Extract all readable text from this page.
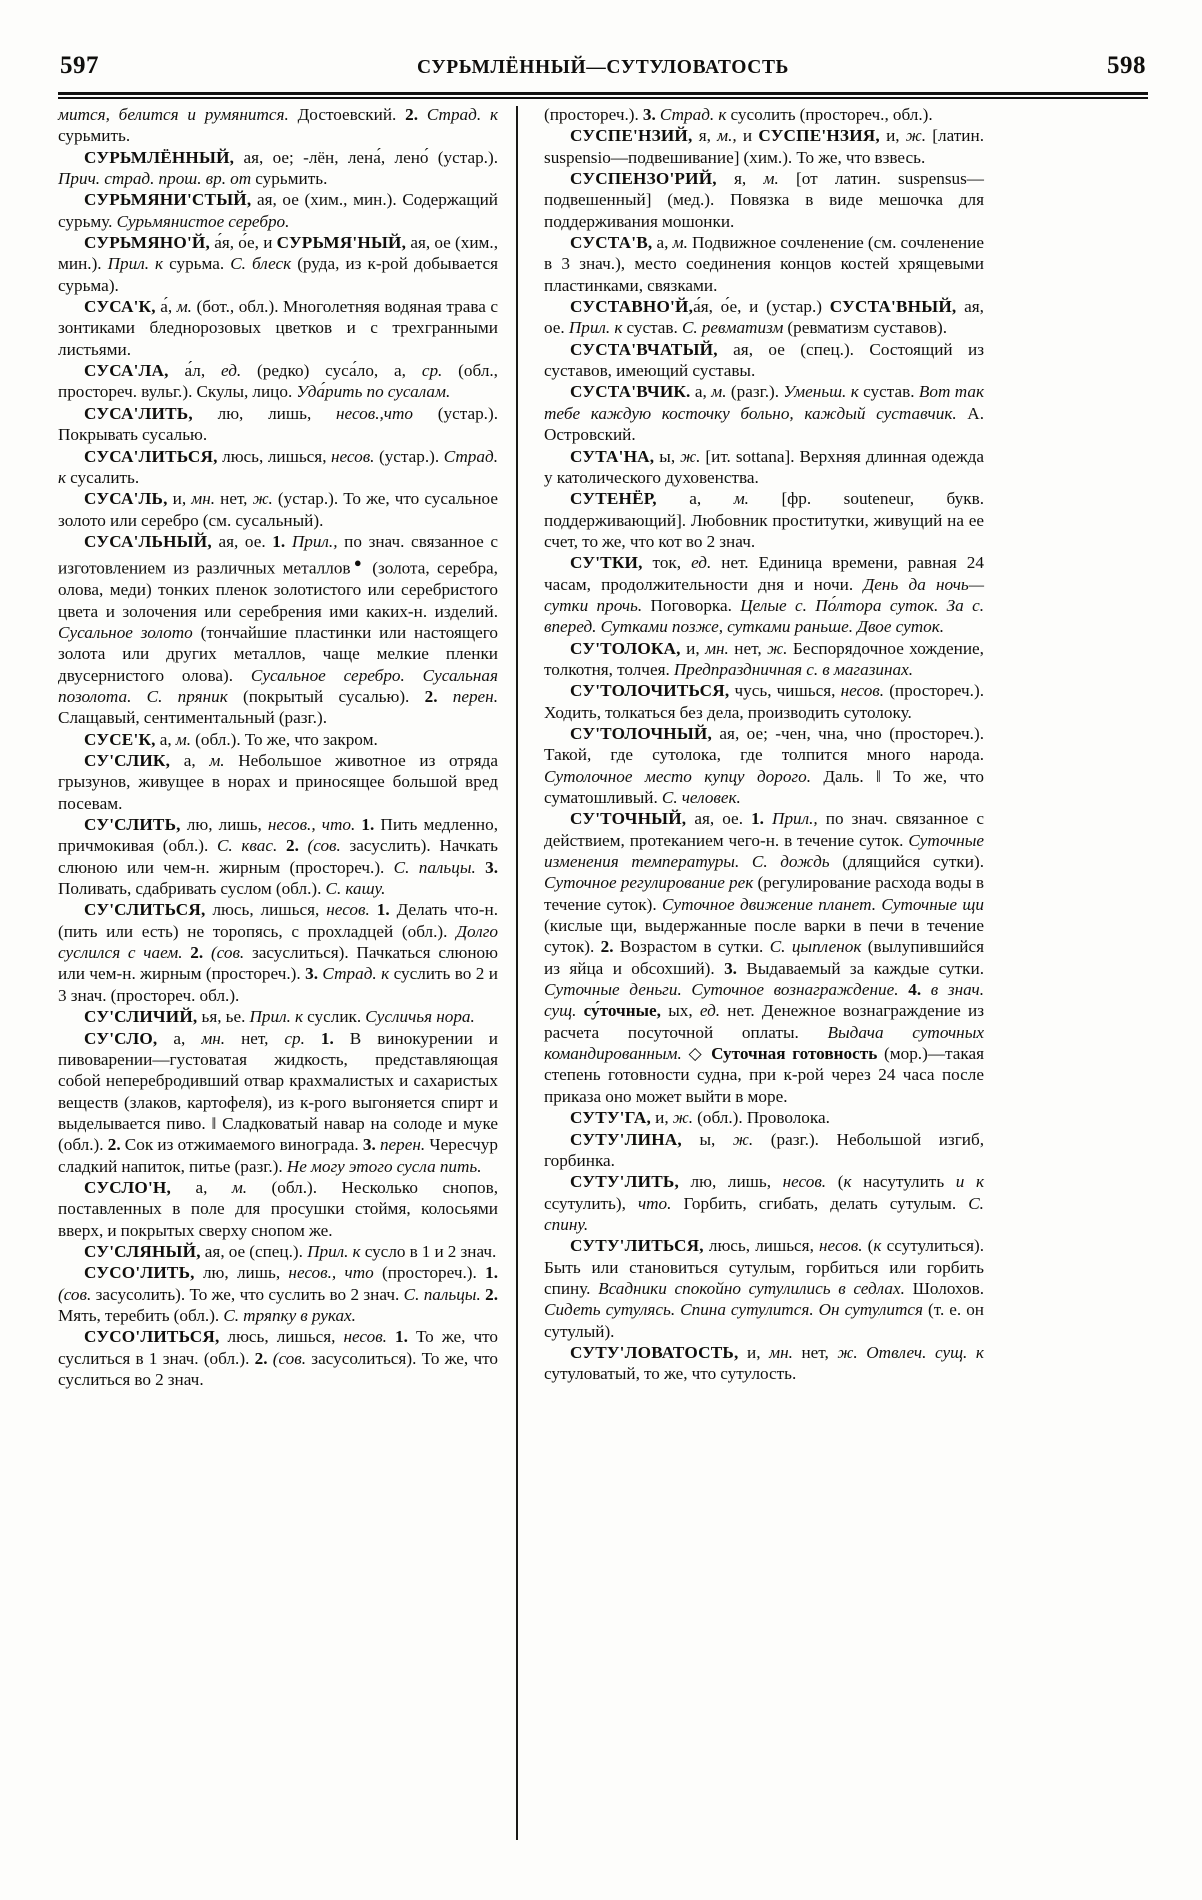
597	СУРЬМЛЁННЫЙ—СУТУЛОВАТОСТЬ	598

мится, белится и румянится. Достоевский. 2. Страд. к сурьмить.

СУРЬМЛЁННЫЙ, ая, ое; -лён, лена́, лено́ (устар.). Прич. страд. прош. вр. от сурьмить.

СУРЬМЯНИ'СТЫЙ, ая, ое (хим., мин.). Содержащий сурьму. Сурьмянистое серебро.

СУРЬМЯНО'Й, а́я, о́е, и СУРЬМЯ'НЫЙ, ая, ое (хим., мин.). Прил. к сурьма. С. блеск (руда, из к-рой добывается сурьма).

СУСА'К, а́, м. (бот., обл.). Многолетняя водяная трава с зонтиками бледнорозовых цветков и с трехгранными листьями.

СУСА'ЛА, а́л, ед. (редко) суса́ло, а, ср. (обл., простореч. вульг.). Скулы, лицо. Уда́рить по сусалам.

СУСА'ЛИТЬ, лю, лишь, несов.,что (устар.). Покрывать сусалью.

СУСА'ЛИТЬСЯ, люсь, лишься, несов. (устар.). Страд. к сусалить.

СУСА'ЛЬ, и, мн. нет, ж. (устар.). То же, что сусальное золото или серебро (см. сусальный).

СУСА'ЛЬНЫЙ, ая, ое. 1. Прил., по знач. связанное с изготовлением из различных металлов● (золота, серебра, олова, меди) тонких пленок золотистого или серебристого цвета и золочения или серебрения ими каких-н. изделий. Сусальное золото (тончайшие пластинки или настоящего золота или других металлов, чаще мелкие пленки двусернистого олова). Сусальное серебро. Сусальная позолота. С. пряник (покрытый сусалью). 2. перен. Слащавый, сентиментальный (разг.).

СУСЕ'К, а, м. (обл.). То же, что закром.

СУ'СЛИК, а, м. Небольшое животное из отряда грызунов, живущее в норах и приносящее большой вред посевам.

СУ'СЛИТЬ, лю, лишь, несов., что. 1. Пить медленно, причмокивая (обл.). С. квас. 2. (сов. засуслить). Начкать слюною или чем-н. жирным (простореч.). С. пальцы. 3. Поливать, сдабривать суслом (обл.). С. кашу.

СУ'СЛИТЬСЯ, люсь, лишься, несов. 1. Делать что-н. (пить или есть) не торопясь, с прохладцей (обл.). Долго суслился с чаем. 2. (сов. засуслиться). Пачкаться слюною или чем-н. жирным (простореч.). 3. Страд. к суслить во 2 и 3 знач. (простореч. обл.).

СУ'СЛИЧИЙ, ья, ье. Прил. к суслик. Сусличья нора.

СУ'СЛО, а, мн. нет, ср. 1. В винокурении и пивоварении—густоватая жидкость, представляющая собой неперебродивший отвар крахмалистых и сахаристых веществ (злаков, картофеля), из к-рого выгоняется спирт и выделывается пиво. ‖ Сладковатый навар на солоде и муке (обл.). 2. Сок из отжимаемого винограда. 3. перен. Чересчур сладкий напиток, питье (разг.). Не могу этого сусла пить.

СУСЛО'Н, а, м. (обл.). Несколько снопов, поставленных в поле для просушки стоймя, колосьями вверх, и покрытых сверху снопом же.

СУ'СЛЯНЫЙ, ая, ое (спец.). Прил. к сусло в 1 и 2 знач.

СУСО'ЛИТЬ, лю, лишь, несов., что (простореч.). 1. (сов. засусолить). То же, что суслить во 2 знач. С. пальцы. 2. Мять, теребить (обл.). С. тряпку в руках.

СУСО'ЛИТЬСЯ, люсь, лишься, несов. 1. То же, что суслиться в 1 знач. (обл.). 2. (сов. засусолиться). То же, что суслиться во 2 знач.

(простореч.). 3. Страд. к сусолить (простореч., обл.).

СУСПЕ'НЗИЙ, я, м., и СУСПЕ'НЗИЯ, и, ж. [латин. suspensio—подвешивание] (хим.). То же, что взвесь.

СУСПЕНЗО'РИЙ, я, м. [от латин. suspensus—подвешенный] (мед.). Повязка в виде мешочка для поддерживания мошонки.

СУСТА'В, а, м. Подвижное сочленение (см. сочленение в 3 знач.), место соединения концов костей хрящевыми пластинками, связками.

СУСТАВНО'Й,а́я, о́е, и (устар.) СУСТА'ВНЫЙ, ая, ое. Прил. к сустав. С. ревматизм (ревматизм суставов).

СУСТА'ВЧАТЫЙ, ая, ое (спец.). Состоящий из суставов, имеющий суставы.

СУСТА'ВЧИК. а, м. (разг.). Уменьш. к сустав. Вот так тебе каждую косточку больно, каждый суставчик. А. Островский.

СУТА'НА, ы, ж. [ит. sottana]. Верхняя длинная одежда у католического духовенства.

СУТЕНЁР, а, м. [фр. souteneur, букв. поддерживающий]. Любовник проститутки, живущий на ее счет, то же, что кот во 2 знач.

СУ'ТКИ, ток, ед. нет. Единица времени, равная 24 часам, продолжительности дня и ночи. День да ночь—сутки прочь. Поговорка. Целые с. По́лтора суток. За с. вперед. Сутками позже, сутками раньше. Двое суток.

СУ'ТОЛОКА, и, мн. нет, ж. Беспорядочное хождение, толкотня, толчея. Предпраздничная с. в магазинах.

СУ'ТОЛОЧИТЬСЯ, чусь, чишься, несов. (простореч.). Ходить, толкаться без дела, производить сутолоку.

СУ'ТОЛОЧНЫЙ, ая, ое; -чен, чна, чно (простореч.). Такой, где сутолока, где толпится много народа. Сутолочное место купцу дорого. Даль. ‖ То же, что суматошливый. С. человек.

СУ'ТОЧНЫЙ, ая, ое. 1. Прил., по знач. связанное с действием, протеканием чего-н. в течение суток. Суточные изменения температуры. С. дождь (длящийся сутки). Суточное регулирование рек (регулирование расхода воды в течение суток). Суточное движение планет. Суточные щи (кислые щи, выдержанные после варки в печи в течение суток). 2. Возрастом в сутки. С. цыпленок (вылупившийся из яйца и обсохший). 3. Выдаваемый за каждые сутки. Суточные деньги. Суточное вознаграждение. 4. в знач. сущ. су́точные, ых, ед. нет. Денежное вознаграждение из расчета посуточной оплаты. Выдача суточных командированным. ◇ Суточная готовность (мор.)—такая степень готовности судна, при к-рой через 24 часа после приказа оно может выйти в море.

СУТУ'ГА, и, ж. (обл.). Проволока.

СУТУ'ЛИНА, ы, ж. (разг.). Небольшой изгиб, горбинка.

СУТУ'ЛИТЬ, лю, лишь, несов. (к насутулить и к ссутулить), что. Горбить, сгибать, делать сутулым. С. спину.

СУТУ'ЛИТЬСЯ, люсь, лишься, несов. (к ссутулиться). Быть или становиться сутулым, горбиться или горбить спину. Всадники спокойно сутулились в седлах. Шолохов. Сидеть сутулясь. Спина сутулится. Он сутулится (т. е. он сутулый).

СУТУ'ЛОВАТОСТЬ, и, мн. нет, ж. Отвлеч. сущ. к сутуловатый, то же, что сутулость.
